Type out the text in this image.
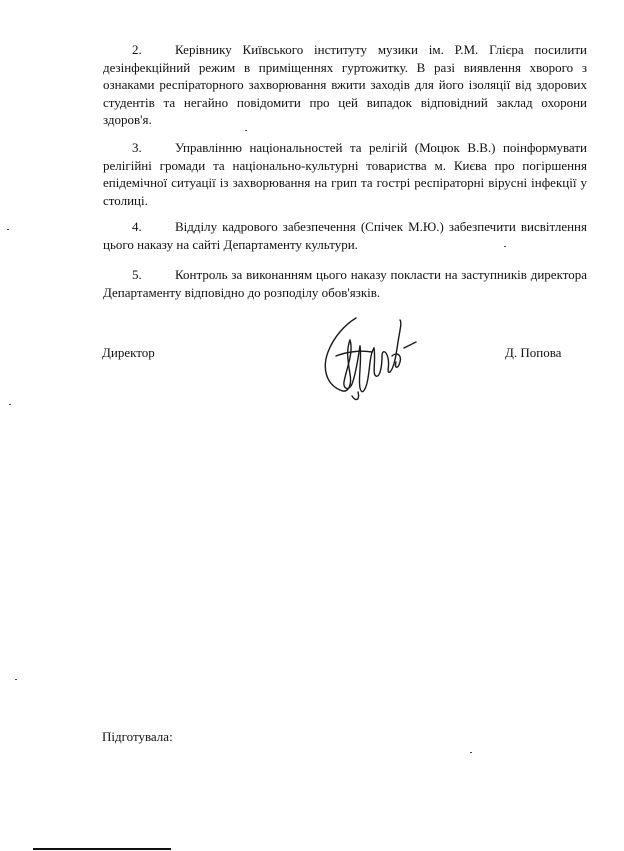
2.	Керівнику Київського інституту музики ім. Р.М. Глієра посилити дезінфекційний режим в приміщеннях гуртожитку. В разі виявлення хворого з ознаками респіраторного захворювання вжити заходів для його ізоляції від здорових студентів та негайно повідомити про цей випадок відповідний заклад охорони здоров'я.

3.	Управлінню національностей та релігій (Моцюк В.В.) поінформувати релігійні громади та національно-культурні товариства м. Києва про погіршення епідемічної ситуації із захворювання на грип та гострі респіраторні вірусні інфекції у столиці.

4.	Відділу кадрового забезпечення (Спічек М.Ю.) забезпечити висвітлення цього наказу на сайті Департаменту культури.

5.	Контроль за виконанням цього наказу покласти на заступників директора Департаменту відповідно до розподілу обов'язків.

Директор	Д. Попова

Підготувала:
